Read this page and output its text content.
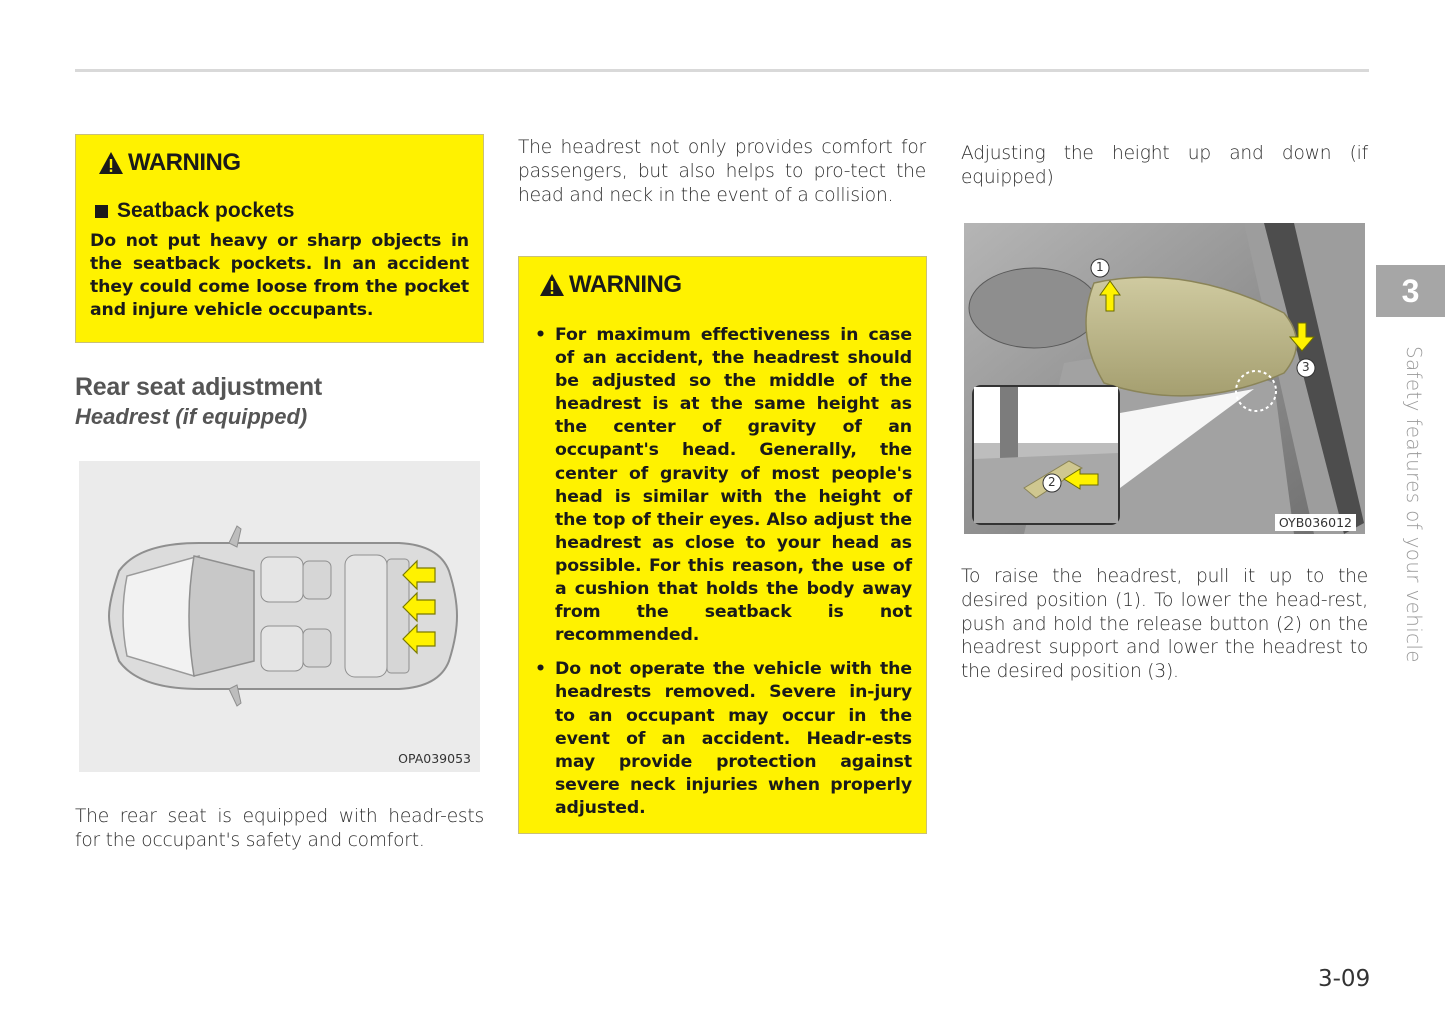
WARNING
Seatback pockets
Do not put heavy or sharp objects in the seatback pockets. In an accident they could come loose from the pocket and injure vehicle occupants.
Rear seat adjustment
Headrest (if equipped)
OPA039053
The rear seat is equipped with headr-ests for the occupant's safety and comfort.
The headrest not only provides comfort for passengers, but also helps to pro-tect the head and neck in the event of a collision.
WARNING
• For maximum effectiveness in case of an accident, the headrest should be adjusted so the middle of the headrest is at the same height as the center of gravity of an occupant's head. Generally, the center of gravity of most people's head is similar with the height of the top of their eyes. Also adjust the headrest as close to your head as possible. For this reason, the use of a cushion that holds the body away from the seatback is not recommended.
• Do not operate the vehicle with the headrests removed. Severe in-jury to an occupant may occur in the event of an accident. Headr-ests may provide protection against severe neck injuries when properly adjusted.
Adjusting the height up and down (if equipped)
OYB036012
1
2
3
To raise the headrest, pull it up to the desired position (1). To lower the head-rest, push and hold the release button (2) on the headrest support and lower the headrest to the desired position (3).
3
Safety features of your vehicle
3-09
